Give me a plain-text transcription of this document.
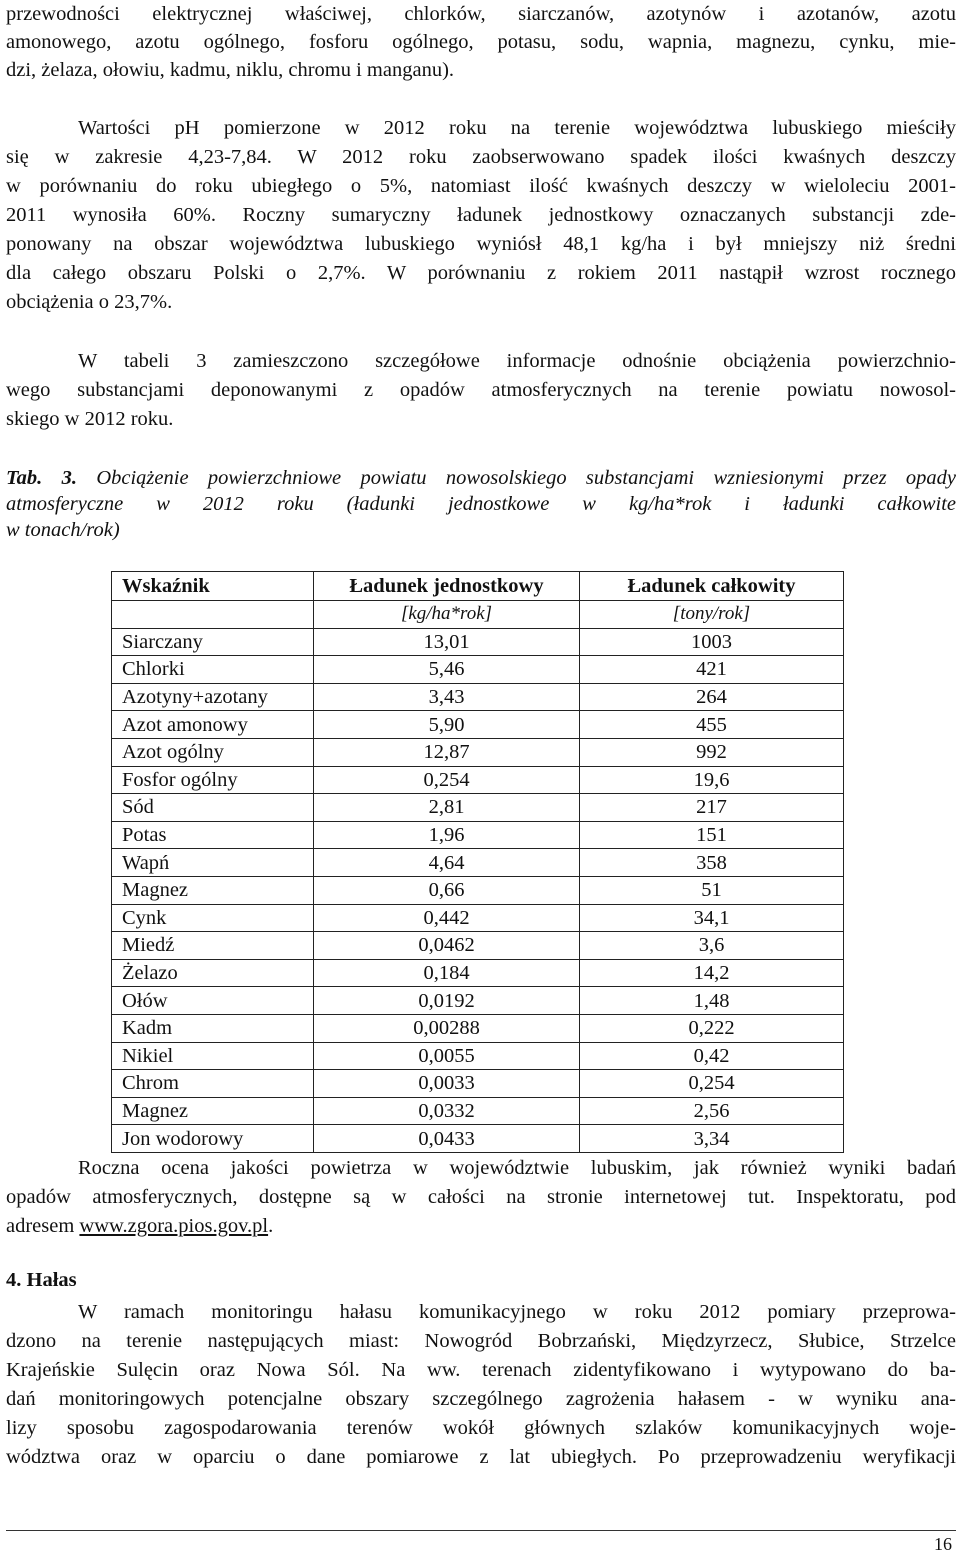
przewodności elektrycznej właściwej, chlorków, siarczanów, azotynów i azotanów, azotu
amonowego, azotu ogólnego, fosforu ogólnego, potasu, sodu, wapnia, magnezu, cynku, mie-
dzi, żelaza, ołowiu, kadmu, niklu, chromu i manganu).
Wartości pH pomierzone w 2012 roku na terenie województwa lubuskiego mieściły
się w zakresie 4,23-7,84. W 2012 roku zaobserwowano spadek ilości kwaśnych deszczy
w porównaniu do roku ubiegłego o 5%, natomiast ilość kwaśnych deszczy w wieloleciu 2001-
2011 wynosiła 60%. Roczny sumaryczny ładunek jednostkowy oznaczanych substancji zde-
ponowany na obszar województwa lubuskiego wyniósł 48,1 kg/ha i był mniejszy niż średni
dla całego obszaru Polski o 2,7%. W porównaniu z rokiem 2011 nastąpił wzrost rocznego
obciążenia o 23,7%.
W tabeli 3 zamieszczono szczegółowe informacje odnośnie obciążenia powierzchnio-
wego substancjami deponowanymi z opadów atmosferycznych na terenie powiatu nowosol-
skiego w 2012 roku.
Tab. 3. Obciążenie powierzchniowe powiatu nowosolskiego substancjami wzniesionymi przez opady
atmosferyczne w 2012 roku (ładunki jednostkowe w kg/ha*rok i ładunki całkowite
w tonach/rok)
Wskaźnik	Ładunek jednostkowy	Ładunek całkowity
	[kg/ha*rok]	[tony/rok]
Siarczany	13,01	1003
Chlorki	5,46	421
Azotyny+azotany	3,43	264
Azot amonowy	5,90	455
Azot ogólny	12,87	992
Fosfor ogólny	0,254	19,6
Sód	2,81	217
Potas	1,96	151
Wapń	4,64	358
Magnez	0,66	51
Cynk	0,442	34,1
Miedź	0,0462	3,6
Żelazo	0,184	14,2
Ołów	0,0192	1,48
Kadm	0,00288	0,222
Nikiel	0,0055	0,42
Chrom	0,0033	0,254
Magnez	0,0332	2,56
Jon wodorowy	0,0433	3,34
Roczna ocena jakości powietrza w województwie lubuskim, jak również wyniki badań
opadów atmosferycznych, dostępne są w całości na stronie internetowej tut. Inspektoratu, pod
adresem www.zgora.pios.gov.pl.
4. Hałas
W ramach monitoringu hałasu komunikacyjnego w roku 2012 pomiary przeprowa-
dzono na terenie następujących miast: Nowogród Bobrzański, Międzyrzecz, Słubice, Strzelce
Krajeńskie Sulęcin oraz Nowa Sól. Na ww. terenach zidentyfikowano i wytypowano do ba-
dań monitoringowych potencjalne obszary szczególnego zagrożenia hałasem - w wyniku ana-
lizy sposobu zagospodarowania terenów wokół głównych szlaków komunikacyjnych woje-
wództwa oraz w oparciu o dane pomiarowe z lat ubiegłych. Po przeprowadzeniu weryfikacji
16
